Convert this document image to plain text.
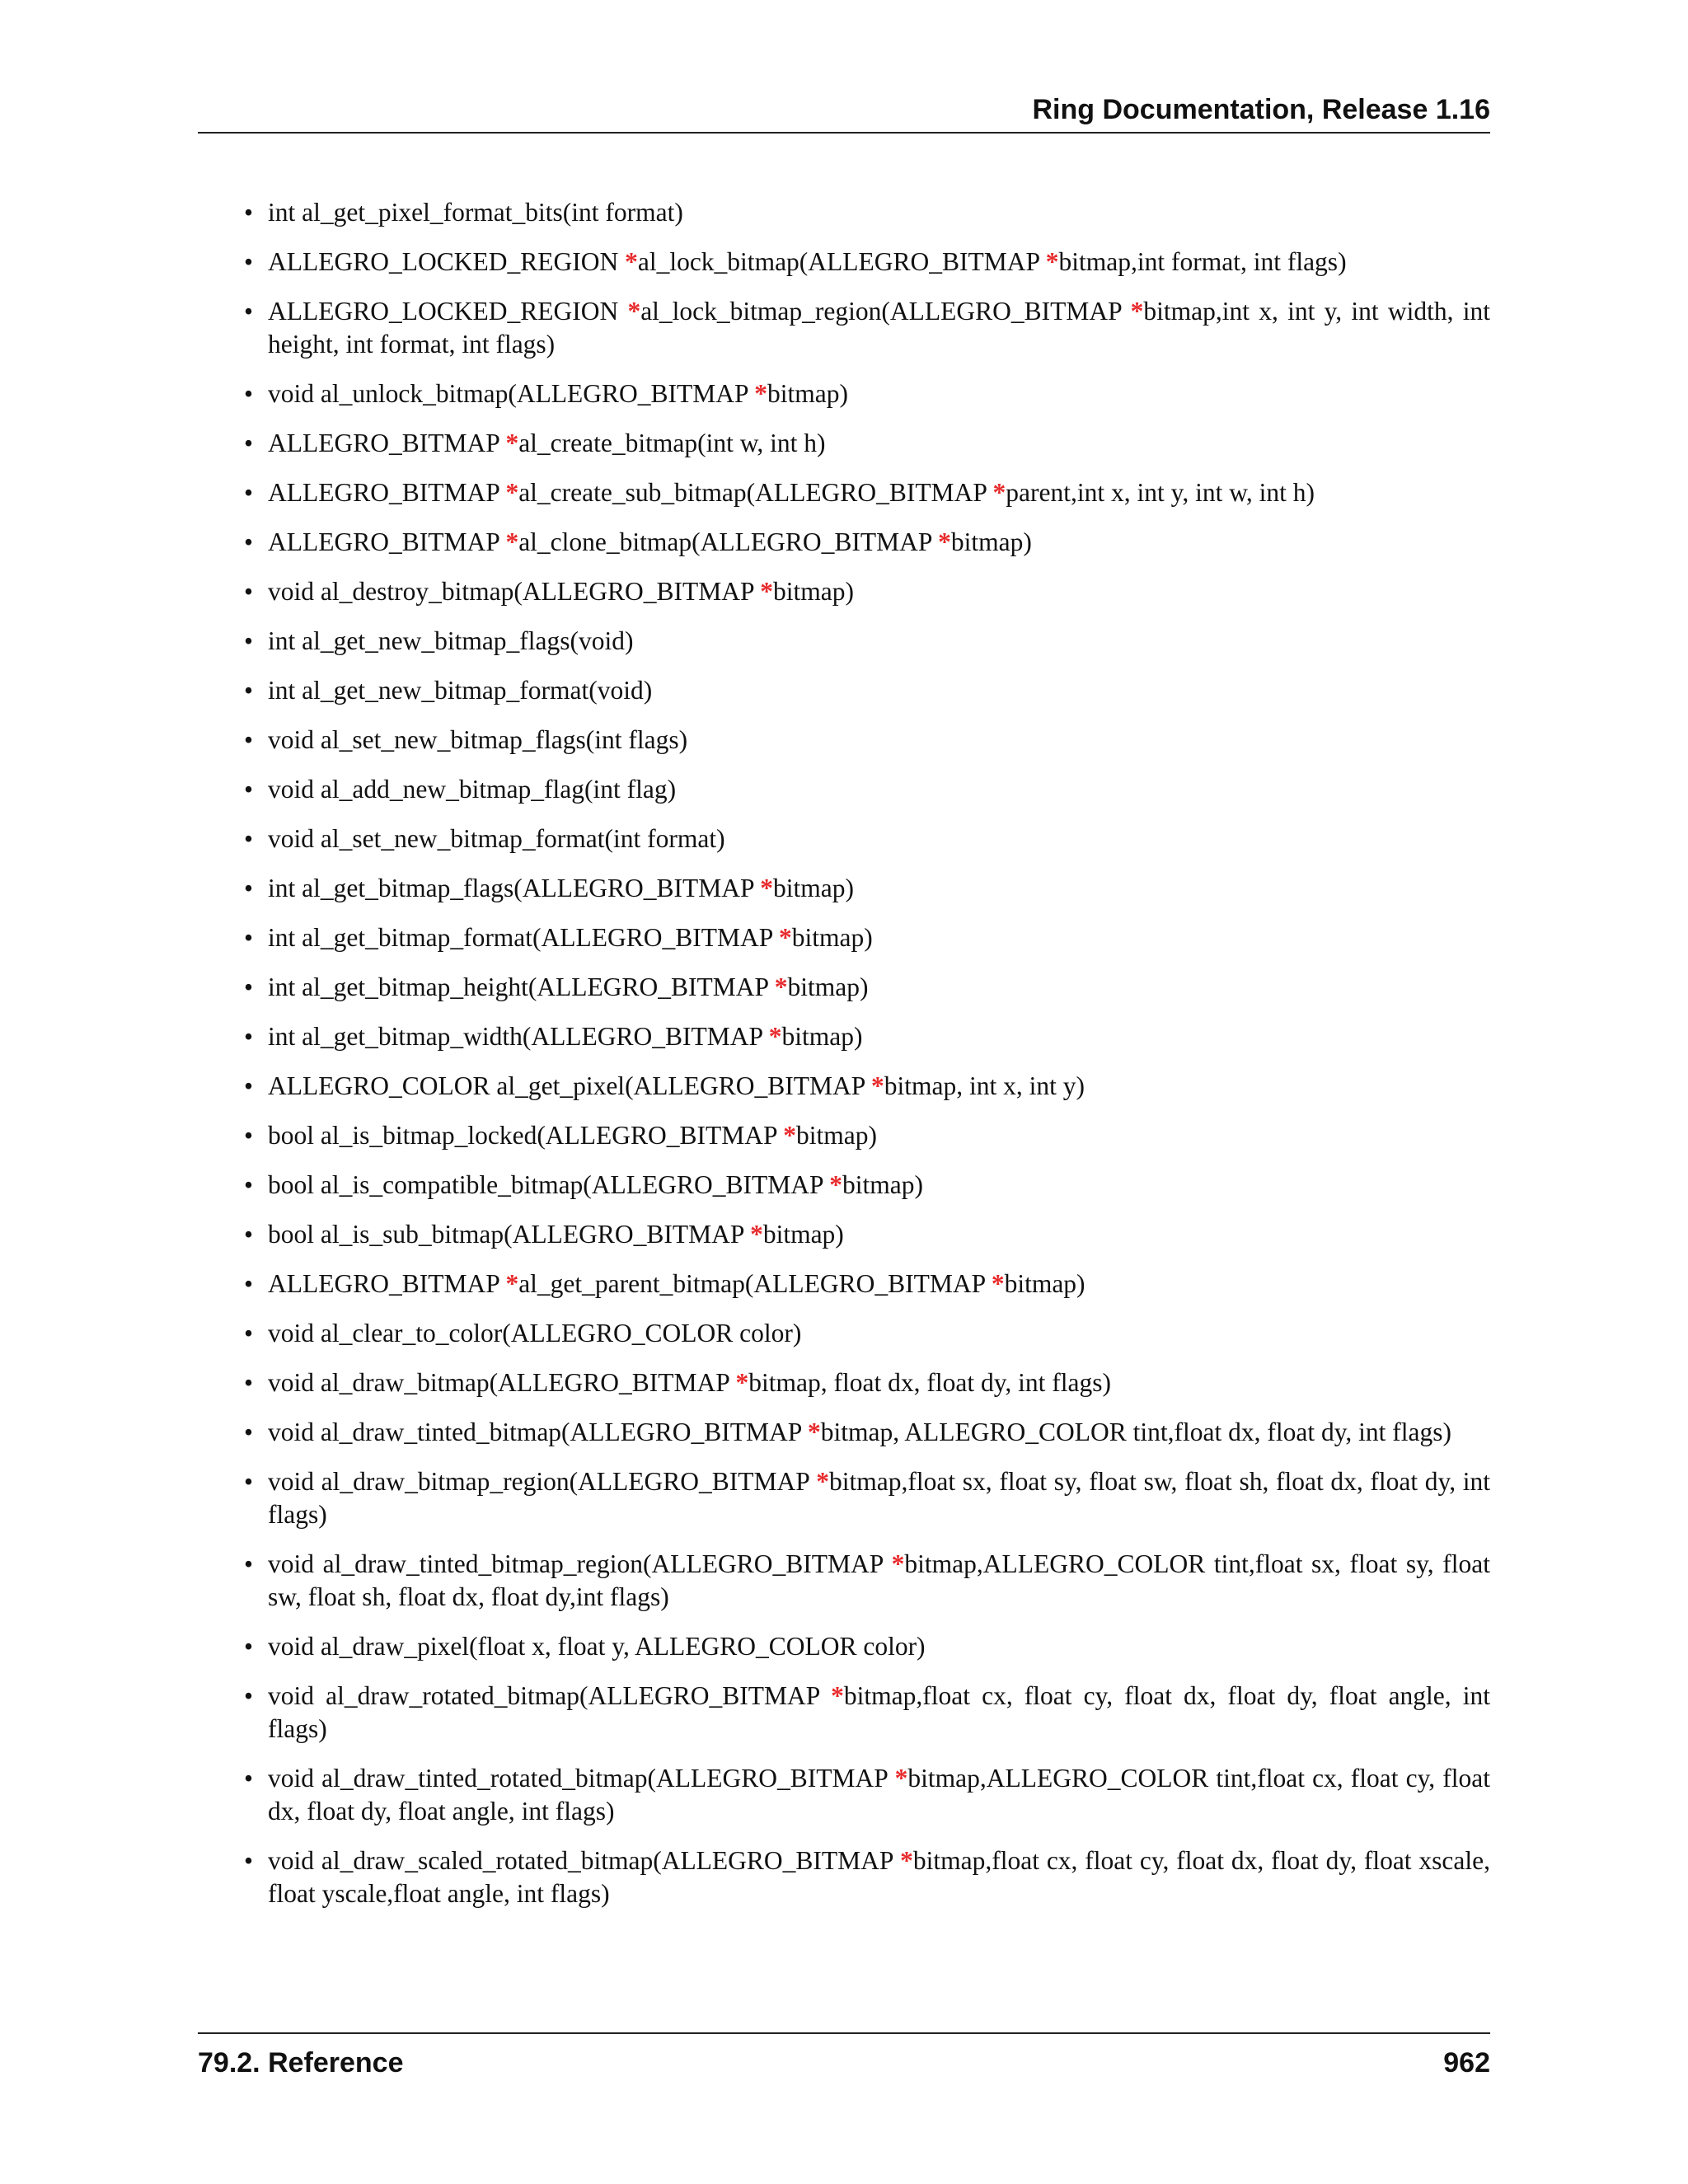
Ring Documentation, Release 1.16
• int al_get_pixel_format_bits(int format)
• ALLEGRO_LOCKED_REGION *al_lock_bitmap(ALLEGRO_BITMAP *bitmap,int format, int flags)
• ALLEGRO_LOCKED_REGION *al_lock_bitmap_region(ALLEGRO_BITMAP *bitmap,int x, int y, int width, int height, int format, int flags)
• void al_unlock_bitmap(ALLEGRO_BITMAP *bitmap)
• ALLEGRO_BITMAP *al_create_bitmap(int w, int h)
• ALLEGRO_BITMAP *al_create_sub_bitmap(ALLEGRO_BITMAP *parent,int x, int y, int w, int h)
• ALLEGRO_BITMAP *al_clone_bitmap(ALLEGRO_BITMAP *bitmap)
• void al_destroy_bitmap(ALLEGRO_BITMAP *bitmap)
• int al_get_new_bitmap_flags(void)
• int al_get_new_bitmap_format(void)
• void al_set_new_bitmap_flags(int flags)
• void al_add_new_bitmap_flag(int flag)
• void al_set_new_bitmap_format(int format)
• int al_get_bitmap_flags(ALLEGRO_BITMAP *bitmap)
• int al_get_bitmap_format(ALLEGRO_BITMAP *bitmap)
• int al_get_bitmap_height(ALLEGRO_BITMAP *bitmap)
• int al_get_bitmap_width(ALLEGRO_BITMAP *bitmap)
• ALLEGRO_COLOR al_get_pixel(ALLEGRO_BITMAP *bitmap, int x, int y)
• bool al_is_bitmap_locked(ALLEGRO_BITMAP *bitmap)
• bool al_is_compatible_bitmap(ALLEGRO_BITMAP *bitmap)
• bool al_is_sub_bitmap(ALLEGRO_BITMAP *bitmap)
• ALLEGRO_BITMAP *al_get_parent_bitmap(ALLEGRO_BITMAP *bitmap)
• void al_clear_to_color(ALLEGRO_COLOR color)
• void al_draw_bitmap(ALLEGRO_BITMAP *bitmap, float dx, float dy, int flags)
• void al_draw_tinted_bitmap(ALLEGRO_BITMAP *bitmap, ALLEGRO_COLOR tint,float dx, float dy, int flags)
• void al_draw_bitmap_region(ALLEGRO_BITMAP *bitmap,float sx, float sy, float sw, float sh, float dx, float dy, int flags)
• void al_draw_tinted_bitmap_region(ALLEGRO_BITMAP *bitmap,ALLEGRO_COLOR tint,float sx, float sy, float sw, float sh, float dx, float dy,int flags)
• void al_draw_pixel(float x, float y, ALLEGRO_COLOR color)
• void al_draw_rotated_bitmap(ALLEGRO_BITMAP *bitmap,float cx, float cy, float dx, float dy, float angle, int flags)
• void al_draw_tinted_rotated_bitmap(ALLEGRO_BITMAP *bitmap,ALLEGRO_COLOR tint,float cx, float cy, float dx, float dy, float angle, int flags)
• void al_draw_scaled_rotated_bitmap(ALLEGRO_BITMAP *bitmap,float cx, float cy, float dx, float dy, float xscale, float yscale,float angle, int flags)
79.2. Reference	962
